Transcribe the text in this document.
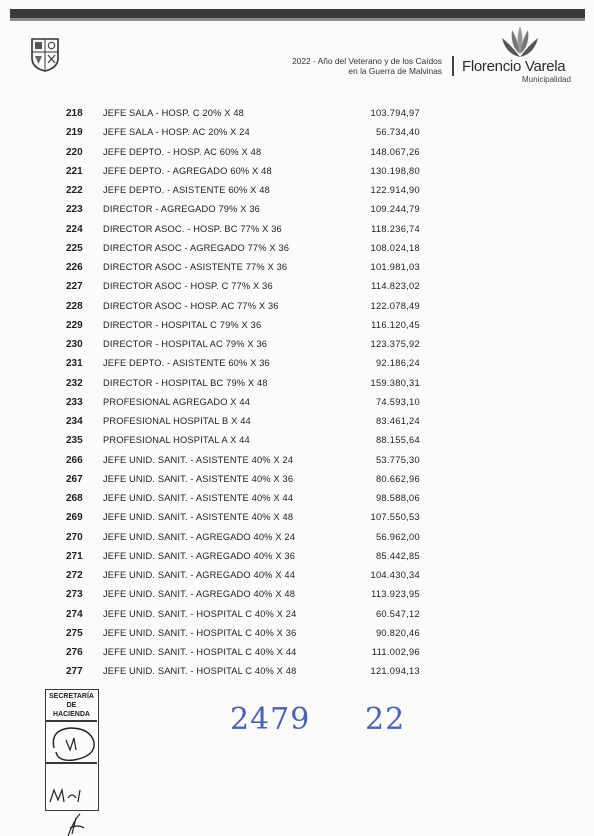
2022 - Año del Veterano y de los Caídos
en la Guerra de Malvinas Florencio Varela
Municipalidad
218	JEFE SALA - HOSP. C 20% X 48	103.794,97
219	JEFE SALA - HOSP. AC 20% X 24	56.734,40
220	JEFE DEPTO. - HOSP. AC 60% X 48	148.067,26
221	JEFE DEPTO. - AGREGADO 60% X 48	130.198,80
222	JEFE DEPTO. - ASISTENTE 60% X 48	122.914,90
223	DIRECTOR - AGREGADO 79% X 36	109.244,79
224	DIRECTOR ASOC. - HOSP. BC 77% X 36	118.236,74
225	DIRECTOR ASOC - AGREGADO 77% X 36	108.024,18
226	DIRECTOR ASOC - ASISTENTE 77% X 36	101.981,03
227	DIRECTOR ASOC - HOSP. C 77% X 36	114.823,02
228	DIRECTOR ASOC - HOSP. AC 77% X 36	122.078,49
229	DIRECTOR - HOSPITAL C 79% X 36	116.120,45
230	DIRECTOR - HOSPITAL AC 79% X 36	123.375,92
231	JEFE DEPTO. - ASISTENTE 60% X 36	92.186,24
232	DIRECTOR - HOSPITAL BC 79% X 48	159.380,31
233	PROFESIONAL AGREGADO X 44	74.593,10
234	PROFESIONAL HOSPITAL B X 44	83.461,24
235	PROFESIONAL HOSPITAL A X 44	88.155,64
266	JEFE UNID. SANIT. - ASISTENTE 40% X 24	53.775,30
267	JEFE UNID. SANIT. - ASISTENTE 40% X 36	80.662,96
268	JEFE UNID. SANIT. - ASISTENTE 40% X 44	98.588,06
269	JEFE UNID. SANIT. - ASISTENTE 40% X 48	107.550,53
270	JEFE UNID. SANIT. - AGREGADO 40% X 24	56.962,00
271	JEFE UNID. SANIT. - AGREGADO 40% X 36	85.442,85
272	JEFE UNID. SANIT. - AGREGADO 40% X 44	104.430,34
273	JEFE UNID. SANIT. - AGREGADO 40% X 48	113.923,95
274	JEFE UNID. SANIT. - HOSPITAL C 40% X 24	60.547,12
275	JEFE UNID. SANIT. - HOSPITAL C 40% X 36	90.820,46
276	JEFE UNID. SANIT. - HOSPITAL C 40% X 44	111.002,96
277	JEFE UNID. SANIT. - HOSPITAL C 40% X 48	121.094,13
SECRETARÍA
DE
HACIENDA	2479 22
